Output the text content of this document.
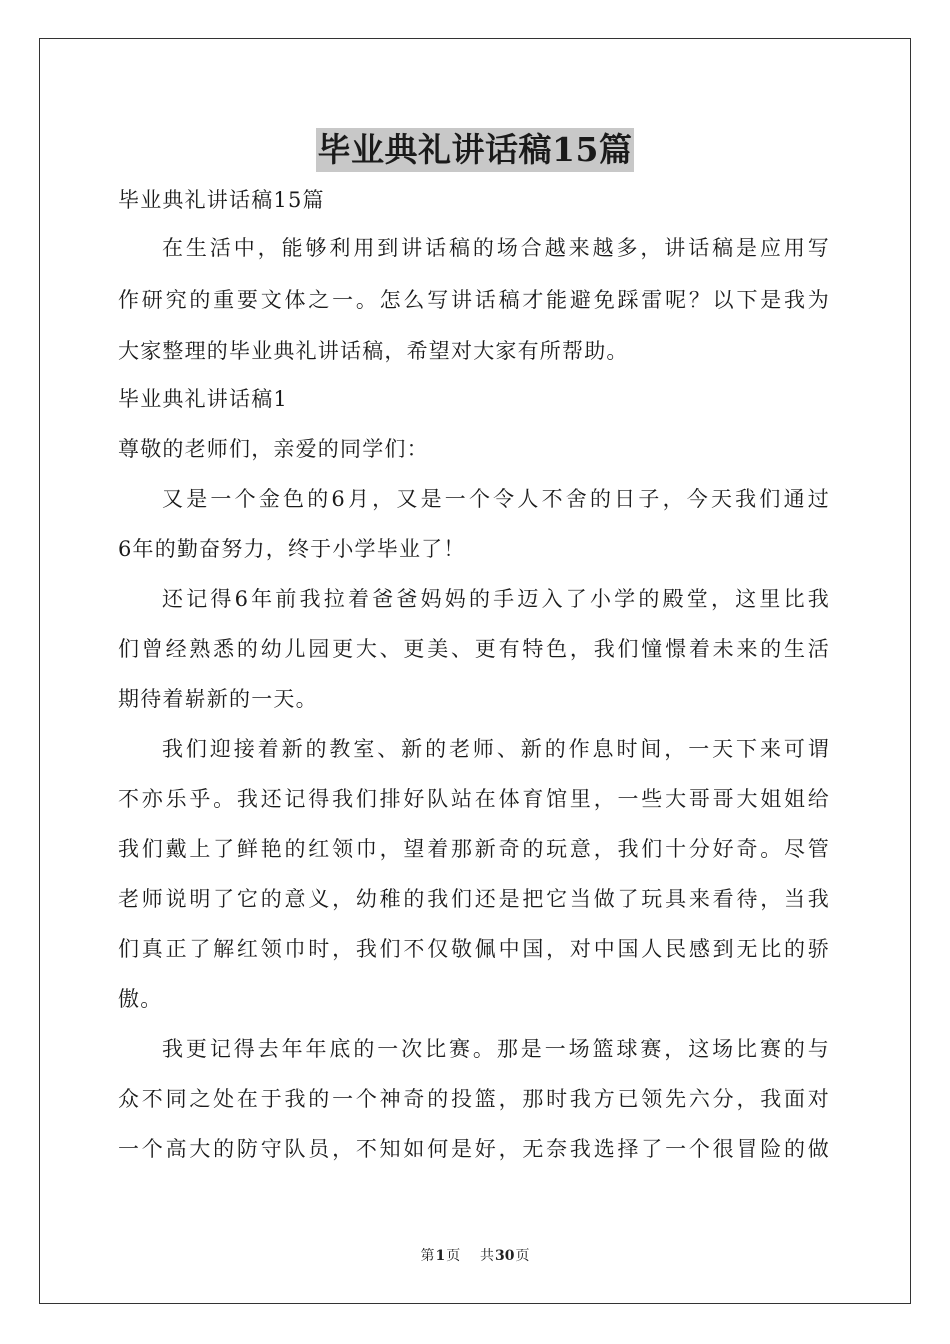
毕业典礼讲话稿15篇
毕业典礼讲话稿15篇
在生活中，能够利用到讲话稿的场合越来越多，讲话稿是应用写
作研究的重要文体之一。怎么写讲话稿才能避免踩雷呢？以下是我为
大家整理的毕业典礼讲话稿，希望对大家有所帮助。
毕业典礼讲话稿1
尊敬的老师们，亲爱的同学们：
又是一个金色的6月，又是一个令人不舍的日子，今天我们通过
6年的勤奋努力，终于小学毕业了！
还记得6年前我拉着爸爸妈妈的手迈入了小学的殿堂，这里比我
们曾经熟悉的幼儿园更大、更美、更有特色，我们憧憬着未来的生活
期待着崭新的一天。
我们迎接着新的教室、新的老师、新的作息时间，一天下来可谓
不亦乐乎。我还记得我们排好队站在体育馆里，一些大哥哥大姐姐给
我们戴上了鲜艳的红领巾，望着那新奇的玩意，我们十分好奇。尽管
老师说明了它的意义，幼稚的我们还是把它当做了玩具来看待，当我
们真正了解红领巾时，我们不仅敬佩中国，对中国人民感到无比的骄
傲。
我更记得去年年底的一次比赛。那是一场篮球赛，这场比赛的与
众不同之处在于我的一个神奇的投篮，那时我方已领先六分，我面对
一个高大的防守队员，不知如何是好，无奈我选择了一个很冒险的做
第1页 共30页
